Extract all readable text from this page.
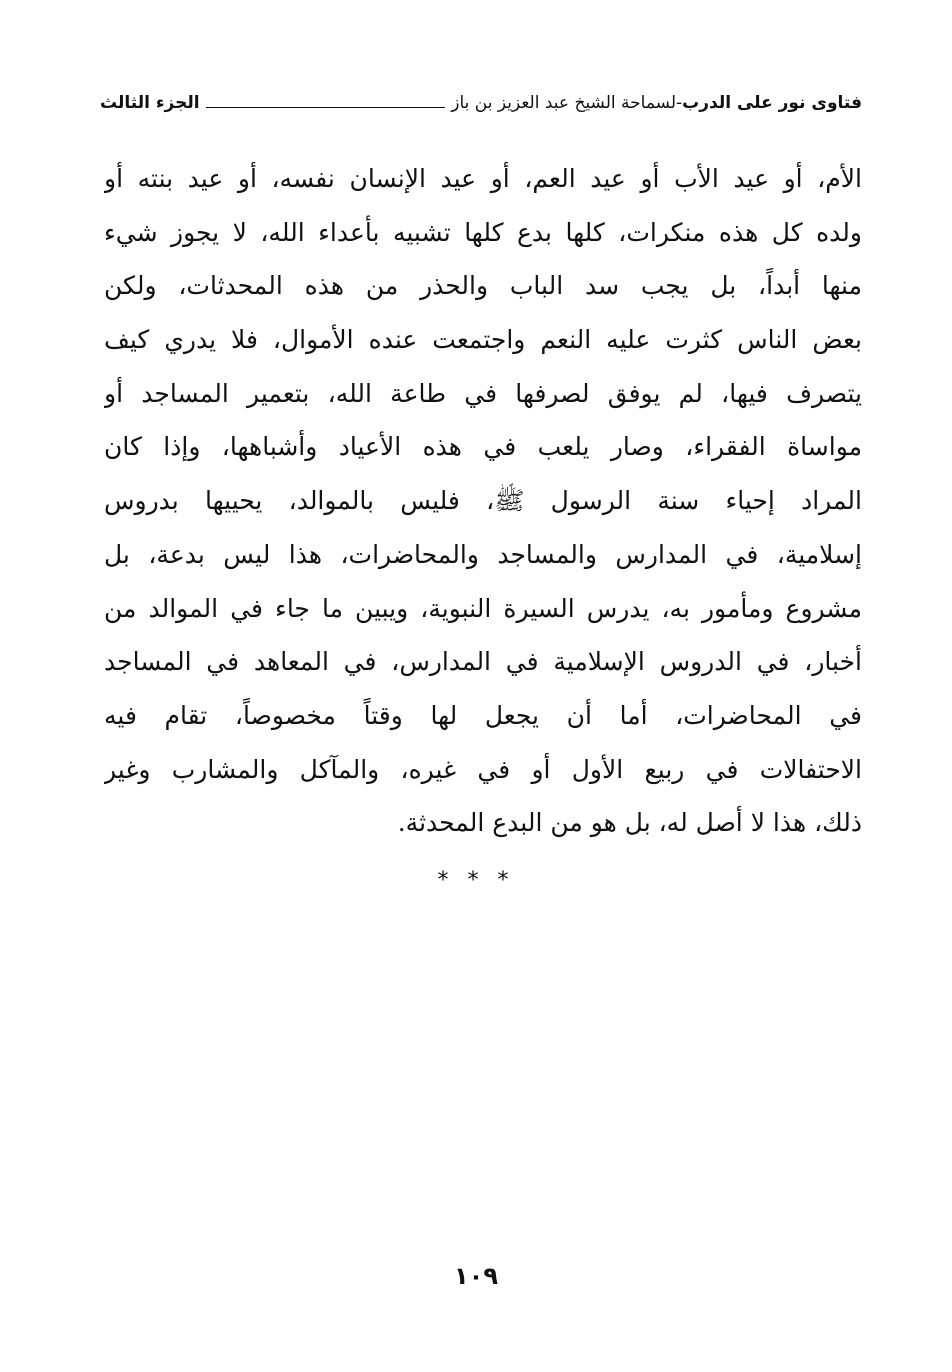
فتاوى نور على الدرب
-
لسماحة الشيخ عبد العزيز بن باز
الجزء الثالث
الأم، أو عيد الأب أو عيد العم، أو عيد الإنسان نفسه، أو عيد بنته أو
ولده كل هذه منكرات، كلها بدع كلها تشبيه بأعداء الله، لا يجوز شيء
منها أبداً، بل يجب سد الباب والحذر من هذه المحدثات، ولكن
بعض الناس كثرت عليه النعم واجتمعت عنده الأموال، فلا يدري كيف
يتصرف فيها، لم يوفق لصرفها في طاعة الله، بتعمير المساجد أو
مواساة الفقراء، وصار يلعب في هذه الأعياد وأشباهها، وإذا كان
المراد إحياء سنة الرسول ﷺ، فليس بالموالد، يحييها بدروس
إسلامية، في المدارس والمساجد والمحاضرات، هذا ليس بدعة، بل
مشروع ومأمور به، يدرس السيرة النبوية، ويبين ما جاء في الموالد من
أخبار، في الدروس الإسلامية في المدارس، في المعاهد في المساجد
في المحاضرات، أما أن يجعل لها وقتاً مخصوصاً، تقام فيه
الاحتفالات في ربيع الأول أو في غيره، والمآكل والمشارب وغير
ذلك، هذا لا أصل له، بل هو من البدع المحدثة.
* * *
١٠٩
